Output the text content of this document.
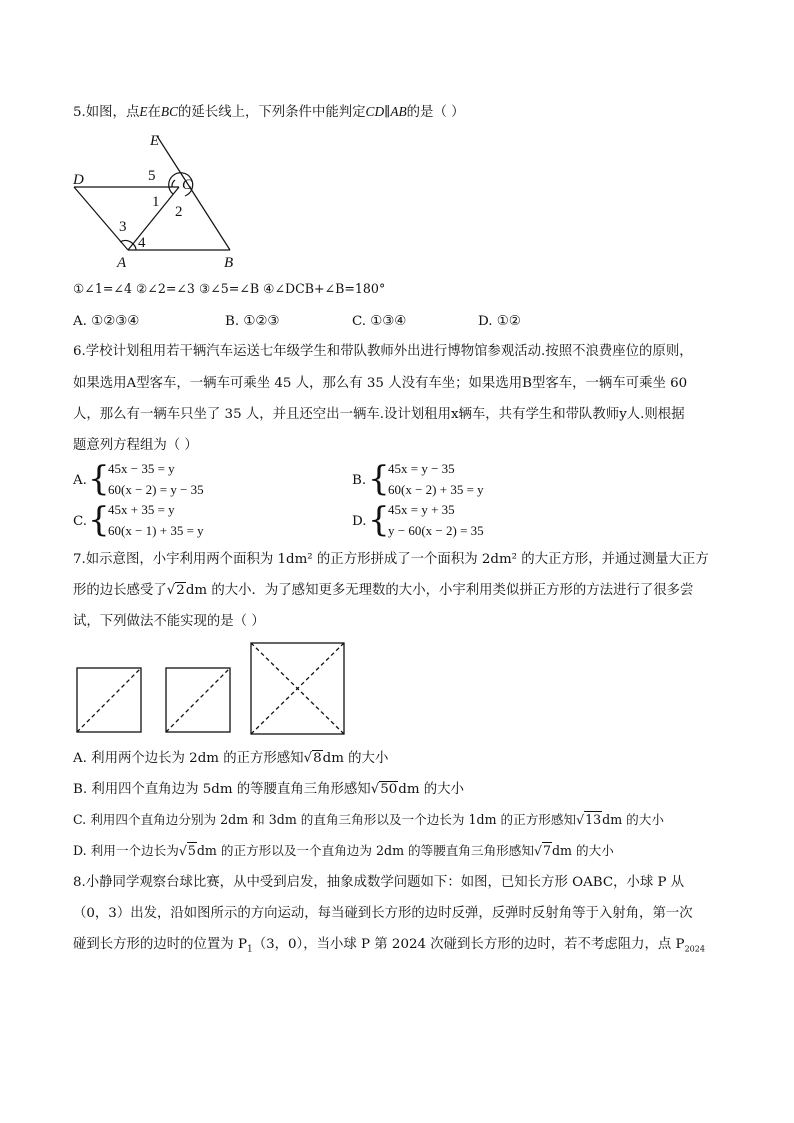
5.如图，点E在BC的延长线上，下列条件中能判定CD∥AB的是（ ）
E
D	C
A	B
5
1
2
3
4
①∠1=∠4 ②∠2=∠3 ③∠5=∠B ④∠DCB+∠B=180°
A. ①②③④	B. ①②③	C. ①③④	D. ①②
6.学校计划租用若干辆汽车运送七年级学生和带队教师外出进行博物馆参观活动.按照不浪费座位的原则，
如果选用A型客车，一辆车可乘坐 45 人，那么有 35 人没有车坐；如果选用B型客车，一辆车可乘坐 60
人，那么有一辆车只坐了 35 人，并且还空出一辆车.设计划租用x辆车，共有学生和带队教师y人.则根据
题意列方程组为（ ）
A. {
45x − 35 = y
60(x − 2) = y − 35
B. {
45x = y − 35
60(x − 2) + 35 = y
C. {
45x + 35 = y
60(x − 1) + 35 = y
D. {
45x = y + 35
y − 60(x − 2) = 35
7.如示意图，小宇利用两个面积为 1dm² 的正方形拼成了一个面积为 2dm² 的大正方形，并通过测量大正方
形的边长感受了√2dm 的大小．为了感知更多无理数的大小，小宇利用类似拼正方形的方法进行了很多尝
试，下列做法不能实现的是（ ）
A. 利用两个边长为 2dm 的正方形感知√8dm 的大小
B. 利用四个直角边为 5dm 的等腰直角三角形感知√50dm 的大小
C. 利用四个直角边分别为 2dm 和 3dm 的直角三角形以及一个边长为 1dm 的正方形感知√13dm 的大小
D. 利用一个边长为√5dm 的正方形以及一个直角边为 2dm 的等腰直角三角形感知√7dm 的大小
8.小静同学观察台球比赛，从中受到启发，抽象成数学问题如下：如图，已知长方形 OABC，小球 P 从
（0，3）出发，沿如图所示的方向运动，每当碰到长方形的边时反弹，反弹时反射角等于入射角，第一次
碰到长方形的边时的位置为 $P_1(3$，0），当小球 P 第 2024 次碰到长方形的边时，若不考虑阻力，点 $P_{2024}$
